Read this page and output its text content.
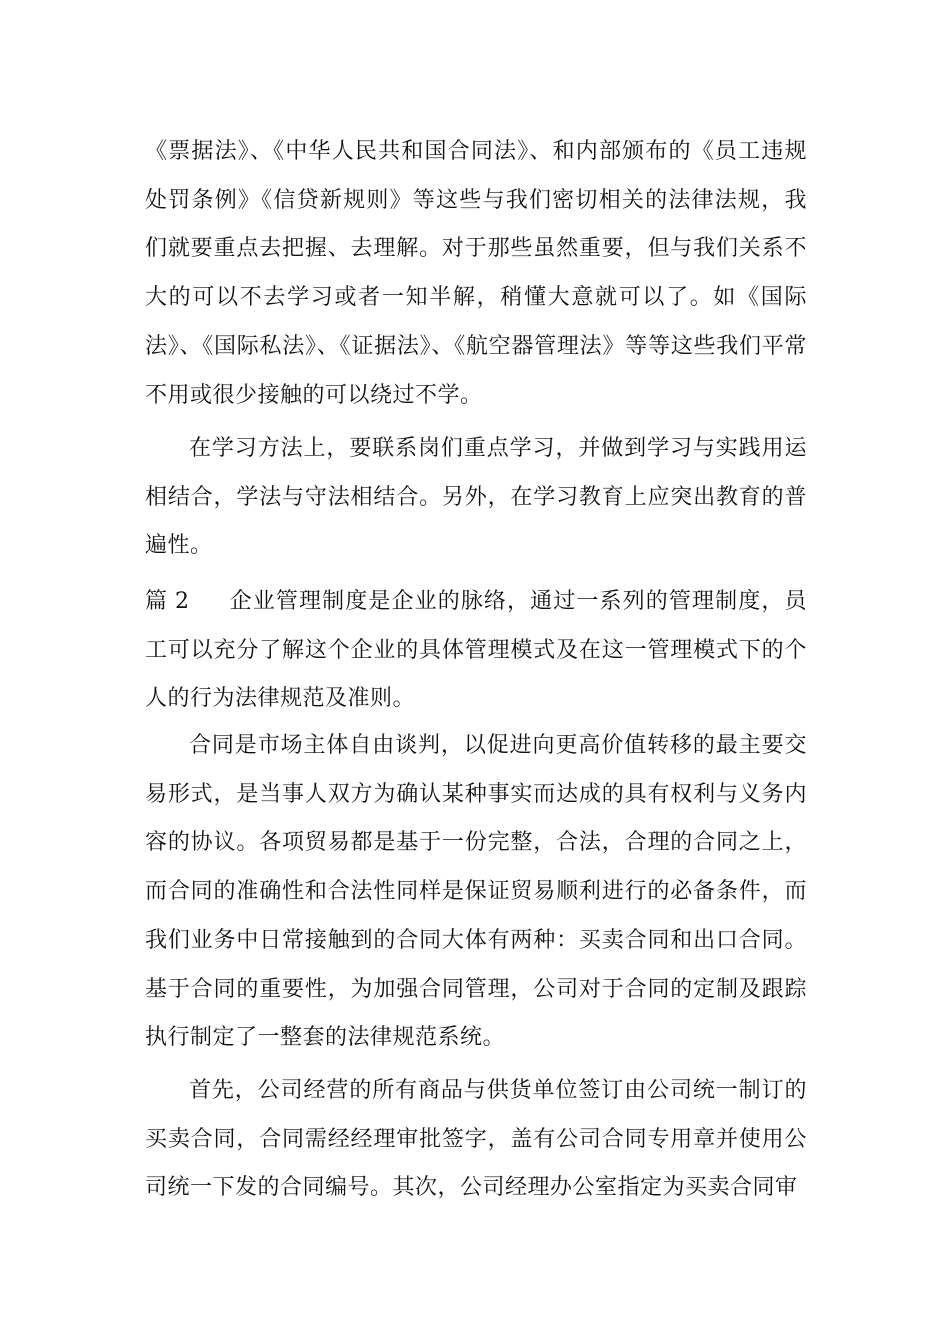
《票据法》、《中华人民共和国合同法》、和内部颁布的《员工违规处罚条例》《信贷新规则》等这些与我们密切相关的法律法规，我们就要重点去把握、去理解。对于那些虽然重要，但与我们关系不大的可以不去学习或者一知半解，稍懂大意就可以了。如《国际法》、《国际私法》、《证据法》、《航空器管理法》等等这些我们平常不用或很少接触的可以绕过不学。

在学习方法上，要联系岗们重点学习，并做到学习与实践用运相结合，学法与守法相结合。另外，在学习教育上应突出教育的普遍性。

篇 2 企业管理制度是企业的脉络，通过一系列的管理制度，员工可以充分了解这个企业的具体管理模式及在这一管理模式下的个人的行为法律规范及准则。

合同是市场主体自由谈判，以促进向更高价值转移的最主要交易形式，是当事人双方为确认某种事实而达成的具有权利与义务内容的协议。各项贸易都是基于一份完整，合法，合理的合同之上，而合同的准确性和合法性同样是保证贸易顺利进行的必备条件，而我们业务中日常接触到的合同大体有两种：买卖合同和出口合同。基于合同的重要性，为加强合同管理，公司对于合同的定制及跟踪执行制定了一整套的法律规范系统。

首先，公司经营的所有商品与供货单位签订由公司统一制订的买卖合同，合同需经经理审批签字，盖有公司合同专用章并使用公司统一下发的合同编号。其次，公司经理办公室指定为买卖合同审
